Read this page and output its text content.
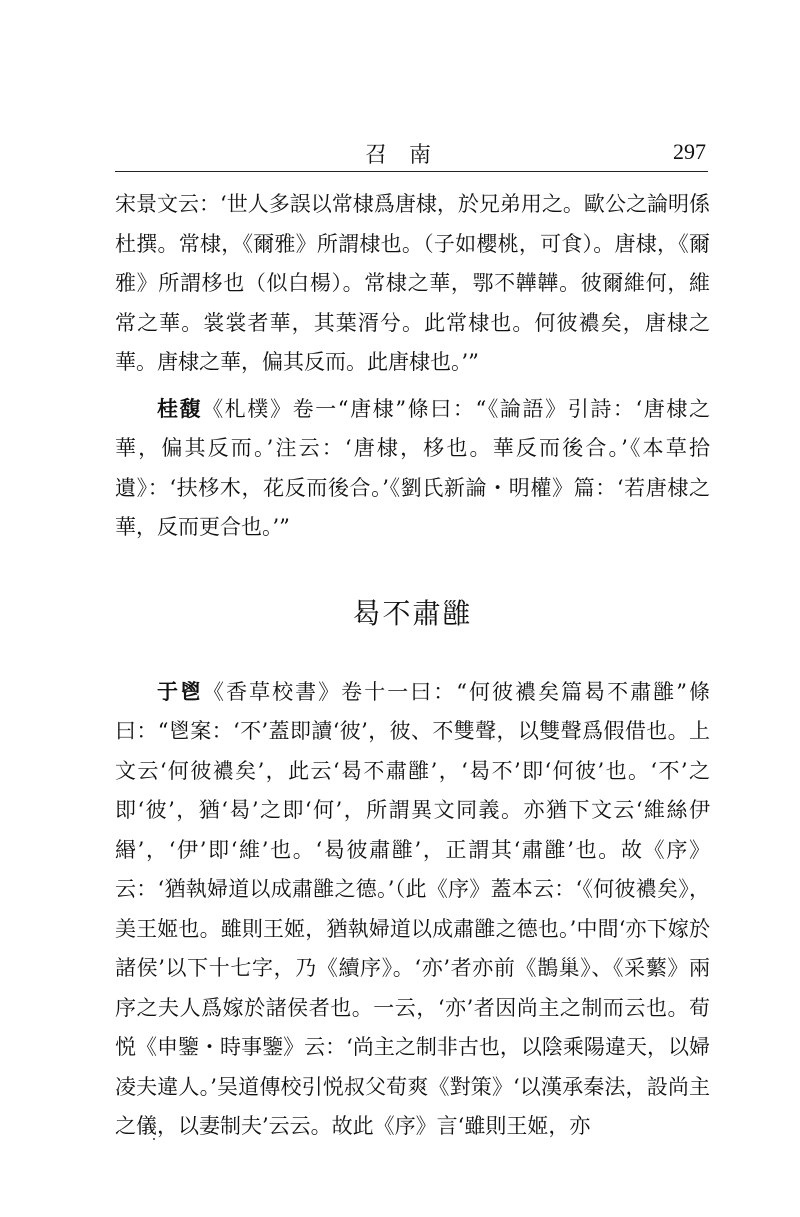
召南	297

宋景文云：‘世人多誤以常棣爲唐棣，於兄弟用之。歐公之論明係杜撰。常棣，《爾雅》所謂棣也。（子如櫻桃，可食）。唐棣，《爾雅》所謂栘也（似白楊）。常棣之華，鄂不韡韡。彼爾維何，維常之華。裳裳者華，其葉湑兮。此常棣也。何彼襛矣，唐棣之華。唐棣之華，偏其反而。此唐棣也。’”

桂馥《札樸》卷一“唐棣”條曰：“《論語》引詩：‘唐棣之華，偏其反而。’注云：‘唐棣，栘也。華反而後合。’《本草拾遺》：‘扶栘木，花反而後合。’《劉氏新論・明權》篇：‘若唐棣之華，反而更合也。’”

曷不肅雝

于鬯《香草校書》卷十一曰：“何彼襛矣篇曷不肅雝”條曰：“鬯案：‘不’蓋即讀‘彼’，彼、不雙聲，以雙聲爲假借也。上文云‘何彼襛矣’，此云‘曷不肅雝’，‘曷不’即‘何彼’也。‘不’之即‘彼’，猶‘曷’之即‘何’，所謂異文同義。亦猶下文云‘維絲伊緡’，‘伊’即‘維’也。‘曷彼肅雝’，正謂其‘肅雝’也。故《序》云：‘猶執婦道以成肅雝之德。’（此《序》蓋本云：‘《何彼襛矣》，美王姬也。雖則王姬，猶執婦道以成肅雝之德也。’中間‘亦下嫁於諸侯’以下十七字，乃《續序》。‘亦’者亦前《鵲巢》、《采蘩》兩序之夫人爲嫁於諸侯者也。一云，‘亦’者因尚主之制而云也。荀悦《申鑒・時事鑒》云：‘尚主之制非古也，以陰乘陽違天，以婦凌夫違人。’吴道傳校引悦叔父荀爽《對策》‘以漢承秦法，設尚主之儀，以妻制夫’云云。故此《序》言‘雖則王姬，亦
